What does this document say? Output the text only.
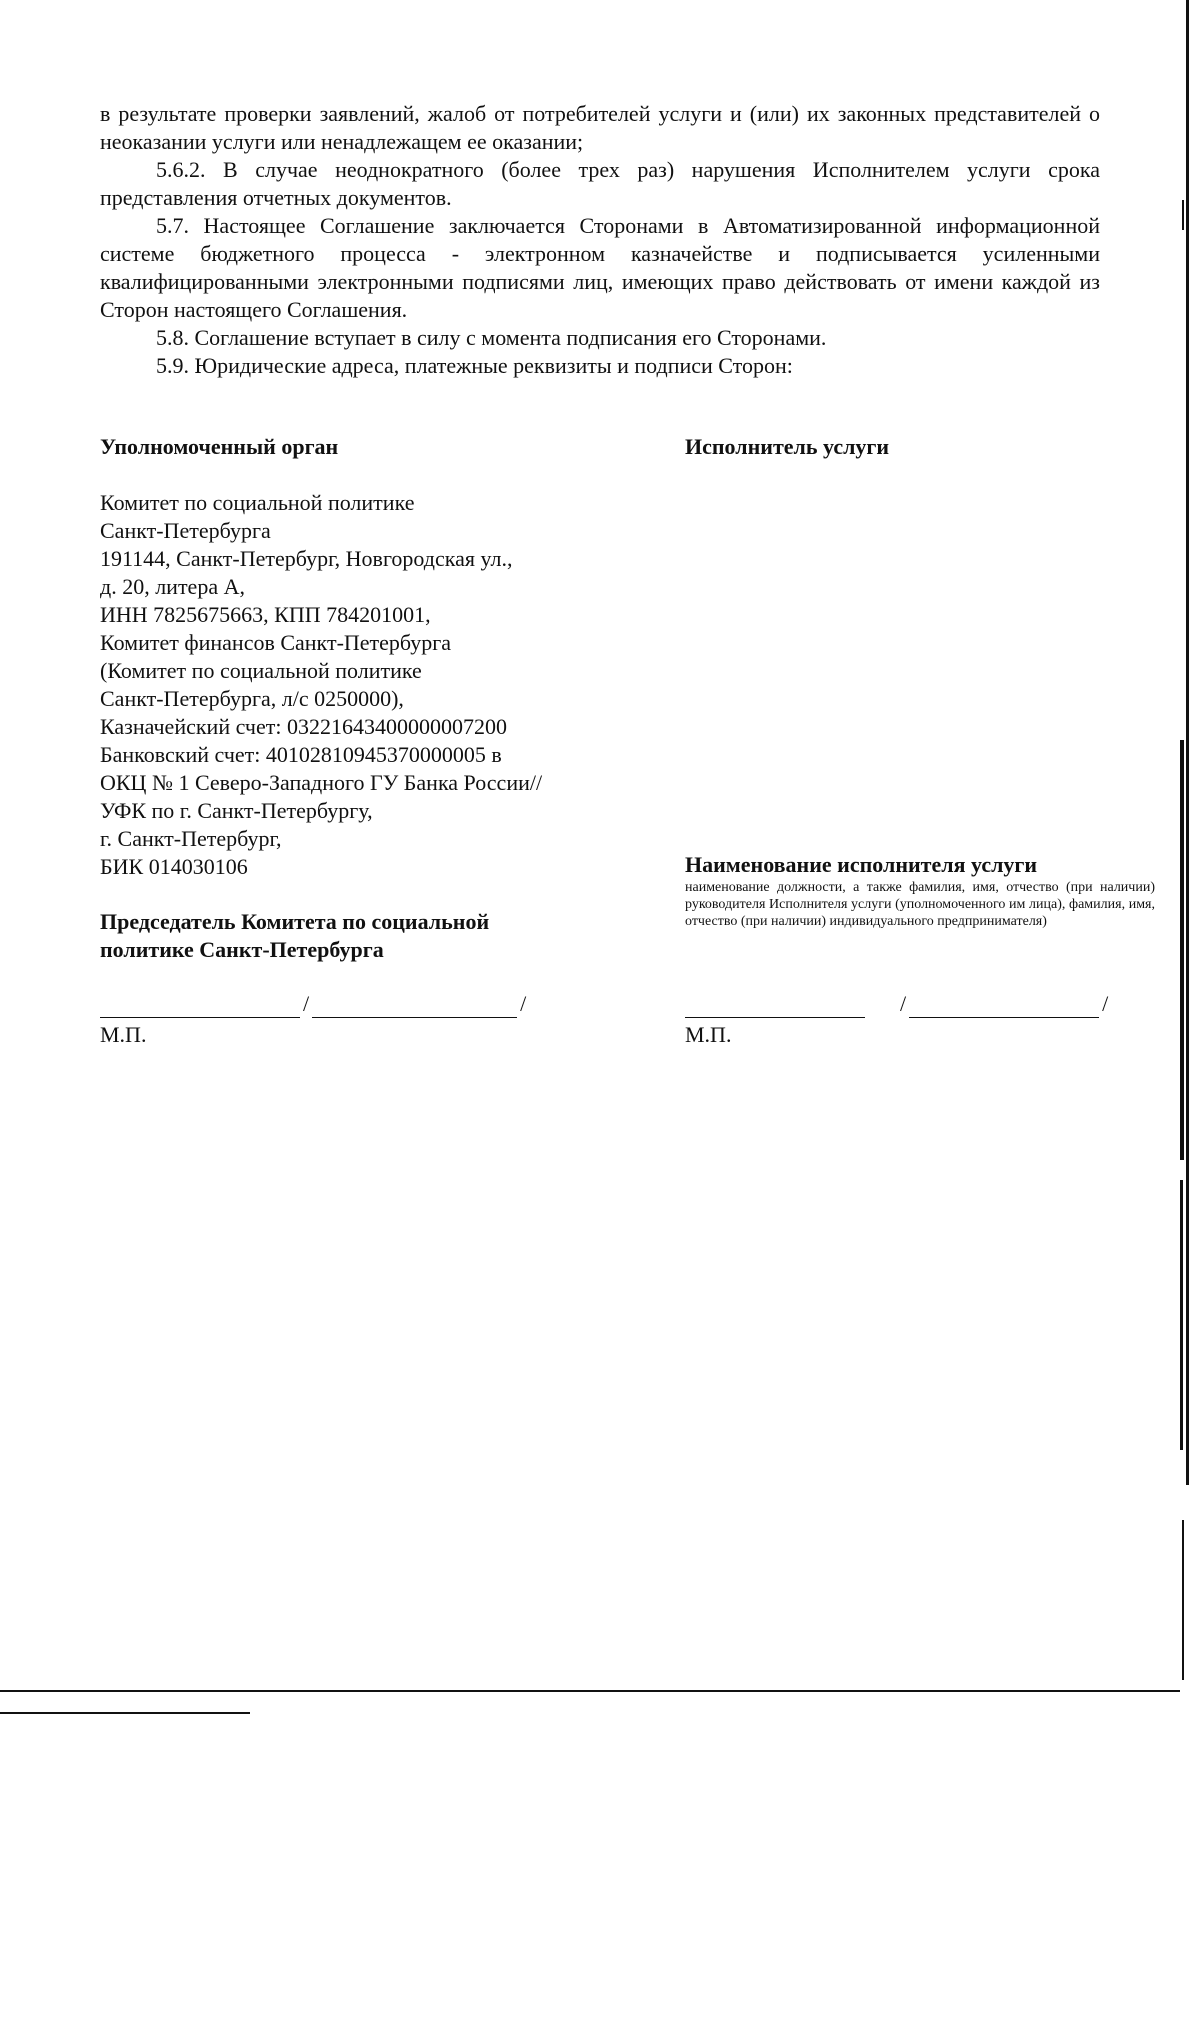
в результате проверки заявлений, жалоб от потребителей услуги и (или) их законных представителей о неоказании услуги или ненадлежащем ее оказании;

5.6.2. В случае неоднократного (более трех раз) нарушения Исполнителем услуги срока представления отчетных документов.

5.7. Настоящее Соглашение заключается Сторонами в Автоматизированной информационной системе бюджетного процесса - электронном казначействе и подписывается усиленными квалифицированными электронными подписями лиц, имеющих право действовать от имени каждой из Сторон настоящего Соглашения.

5.8. Соглашение вступает в силу с момента подписания его Сторонами.

5.9. Юридические адреса, платежные реквизиты и подписи Сторон:

Уполномоченный орган
Комитет по социальной политике
Санкт-Петербурга
191144, Санкт-Петербург, Новгородская ул.,
д. 20, литера А,
ИНН 7825675663, КПП 784201001,
Комитет финансов Санкт-Петербурга
(Комитет по социальной политике
Санкт-Петербурга, л/с 0250000),
Казначейский счет: 03221643400000007200
Банковский счет: 40102810945370000005 в
ОКЦ № 1 Северо-Западного ГУ Банка России//
УФК по г. Санкт-Петербургу,
г. Санкт-Петербург,
БИК 014030106
Председатель Комитета по социальной
политике Санкт-Петербурга
/	/
М.П.
Исполнитель услуги
Наименование исполнителя услуги

наименование должности, а также фамилия, имя, отчество (при наличии) руководителя Исполнителя услуги (уполномоченного им лица), фамилия, имя, отчество (при наличии) индивидуального предпринимателя)

/	/
М.П.
